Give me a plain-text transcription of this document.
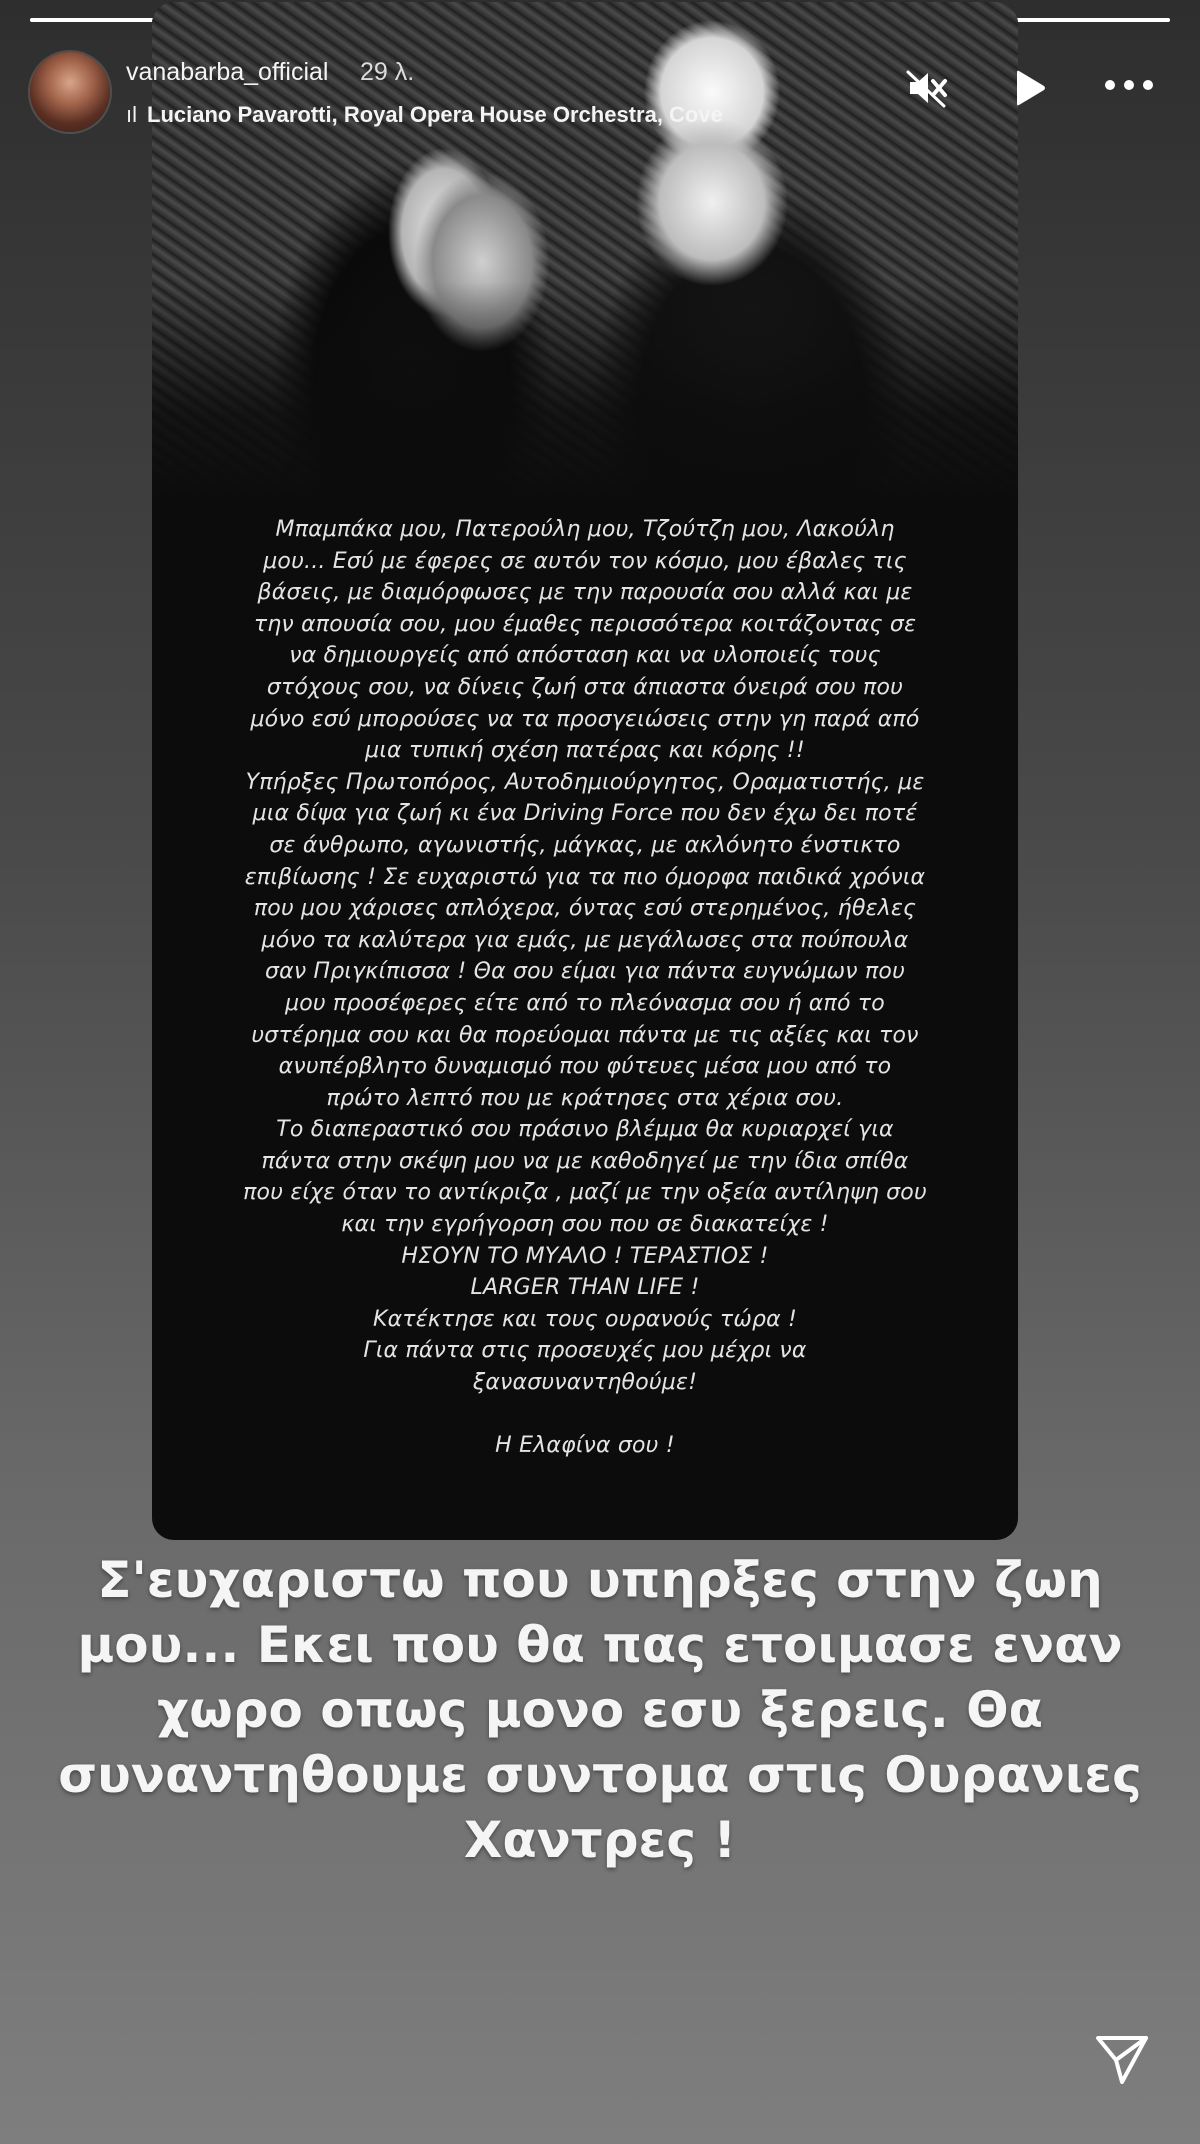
Μπαμπάκα μου, Πατερούλη μου, Τζούτζη μου, Λακούλη
μου... Εσύ με έφερες σε αυτόν τον κόσμο, μου έβαλες τις
βάσεις, με διαμόρφωσες με την παρουσία σου αλλά και με
την απουσία σου, μου έμαθες περισσότερα κοιτάζοντας σε
να δημιουργείς από απόσταση και να υλοποιείς τους
στόχους σου, να δίνεις ζωή στα άπιαστα όνειρά σου που
μόνο εσύ μπορούσες να τα προσγειώσεις στην γη παρά από
μια τυπική σχέση πατέρας και κόρης !!
Υπήρξες Πρωτοπόρος, Αυτοδημιούργητος, Οραματιστής, με
μια δίψα για ζωή κι ένα Driving Force που δεν έχω δει ποτέ
σε άνθρωπο, αγωνιστής, μάγκας, με ακλόνητο ένστικτο
επιβίωσης ! Σε ευχαριστώ για τα πιο όμορφα παιδικά χρόνια
που μου χάρισες απλόχερα, όντας εσύ στερημένος, ήθελες
μόνο τα καλύτερα για εμάς, με μεγάλωσες στα πούπουλα
σαν Πριγκίπισσα ! Θα σου είμαι για πάντα ευγνώμων που
μου προσέφερες είτε από το πλεόνασμα σου ή από το
υστέρημα σου και θα πορεύομαι πάντα με τις αξίες και τον
ανυπέρβλητο δυναμισμό που φύτευες μέσα μου από το
πρώτο λεπτό που με κράτησες στα χέρια σου.
Το διαπεραστικό σου πράσινο βλέμμα θα κυριαρχεί για
πάντα στην σκέψη μου να με καθοδηγεί με την ίδια σπίθα
που είχε όταν το αντίκριζα , μαζί με την οξεία αντίληψη σου
και την εγρήγορση σου που σε διακατείχε !
ΗΣΟΥΝ ΤΟ ΜΥΑΛΟ ! ΤΕΡΑΣΤΙΟΣ !
LARGER THAN LIFE !
Κατέκτησε και τους ουρανούς τώρα !
Για πάντα στις προσευχές μου μέχρι να
ξανασυναντηθούμε!
Η Ελαφίνα σου !
vanabarba_official 29 λ.
ıl Luciano Pavarotti, Royal Opera House Orchestra, Cove
Σ'ευχαριστω που υπηρξες στην ζωη
μου... Εκει που θα πας ετοιμασε εναν
χωρο οπως μονο εσυ ξερεις. Θα
συναντηθουμε συντομα στις Ουρανιες
Χαντρες !
